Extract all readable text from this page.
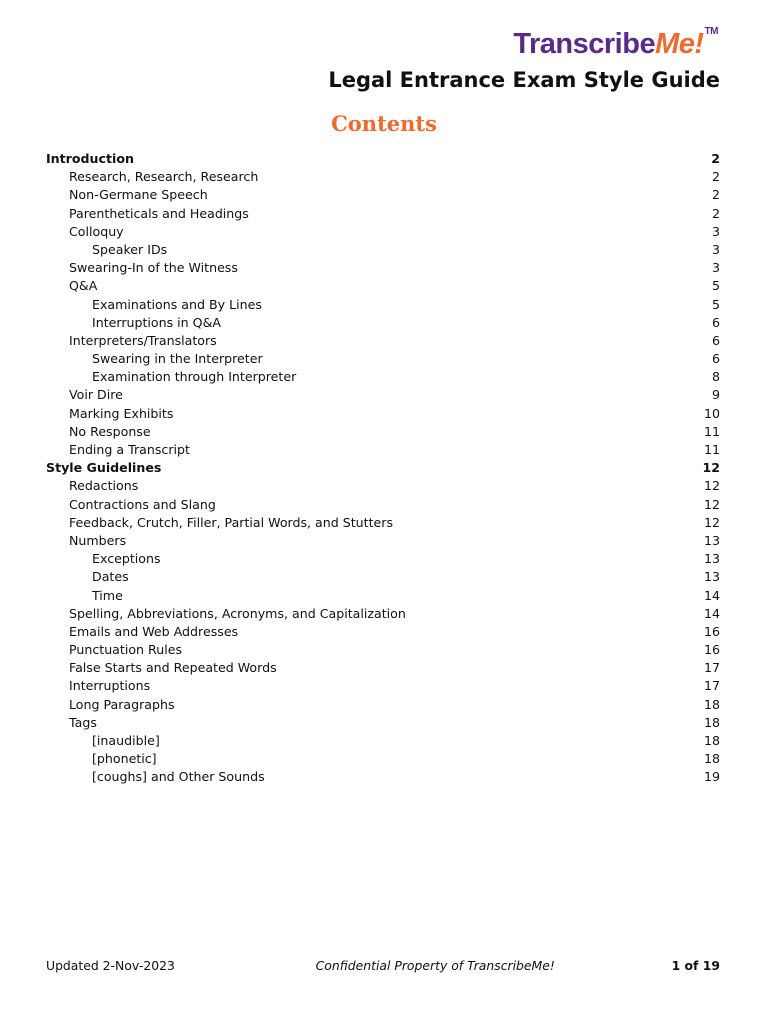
TranscribeMe!™
Legal Entrance Exam Style Guide
Contents
Introduction	2
Research, Research, Research	2
Non-Germane Speech	2
Parentheticals and Headings	2
Colloquy	3
Speaker IDs	3
Swearing-In of the Witness	3
Q&A	5
Examinations and By Lines	5
Interruptions in Q&A	6
Interpreters/Translators	6
Swearing in the Interpreter	6
Examination through Interpreter	8
Voir Dire	9
Marking Exhibits	10
No Response	11
Ending a Transcript	11
Style Guidelines	12
Redactions	12
Contractions and Slang	12
Feedback, Crutch, Filler, Partial Words, and Stutters	12
Numbers	13
Exceptions	13
Dates	13
Time	14
Spelling, Abbreviations, Acronyms, and Capitalization	14
Emails and Web Addresses	16
Punctuation Rules	16
False Starts and Repeated Words	17
Interruptions	17
Long Paragraphs	18
Tags	18
[inaudible]	18
[phonetic]	18
[coughs] and Other Sounds	19
Updated 2-Nov-2023	Confidential Property of TranscribeMe!	1 of 19
